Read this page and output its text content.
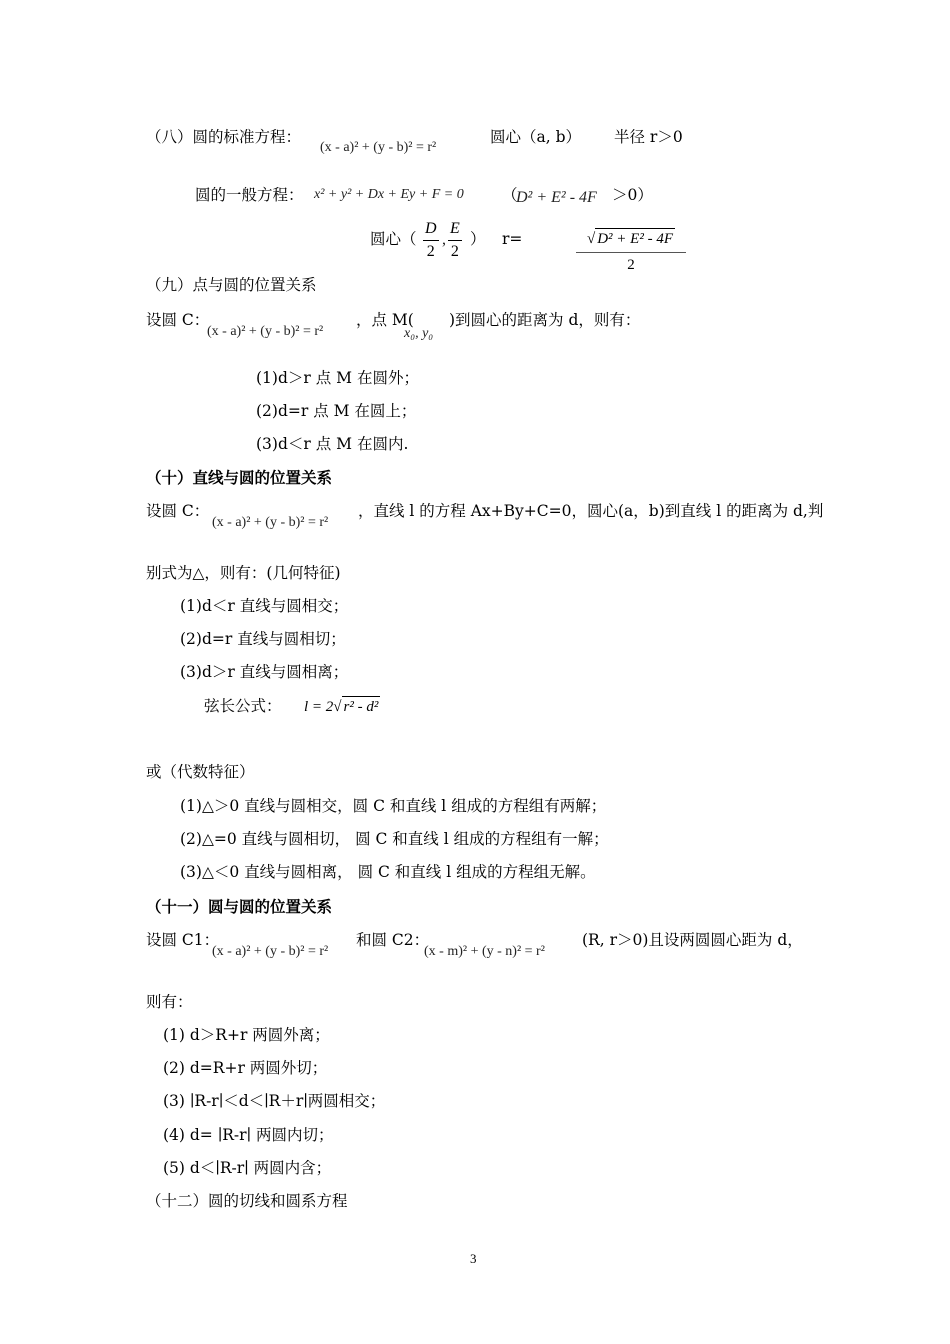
（八）圆的标准方程：
(x - a)² + (y - b)² = r²
圆心（a, b） 半径 r＞0
圆的一般方程： x² + y² + Dx + Ey + F = 0 （
D² + E² - 4F ＞0）
圆心（ $\frac{D}{2}$ , $\frac{E}{2}$ ） r=	√ D² + E² - 4F
2
（九）点与圆的位置关系
设圆 C：
(x - a)² + (y - b)² = r²
，点 M(
x₀, y₀
)到圆心的距离为 d，则有：
(1)d＞r 点 M 在圆外；
(2)d=r 点 M 在圆上；
(3)d＜r 点 M 在圆内.
（十）直线与圆的位置关系
设圆 C：
(x - a)² + (y - b)² = r²
，直线 l 的方程 Ax+By+C=0，圆心(a，b)到直线 l 的距离为 d,判
别式为△，则有：(几何特征)
(1)d＜r 直线与圆相交；
(2)d=r 直线与圆相切；
(3)d＞r 直线与圆相离；
弦长公式： l = 2√ r² - d²
或（代数特征）
(1)△＞0 直线与圆相交，圆 C 和直线 l 组成的方程组有两解；
(2)△=0 直线与圆相切， 圆 C 和直线 l 组成的方程组有一解；
(3)△＜0 直线与圆相离， 圆 C 和直线 l 组成的方程组无解。
（十一）圆与圆的位置关系
设圆 C1：
(x - a)² + (y - b)² = r²
和圆 C2：
(x - m)² + (y - n)² = r²
(R, r＞0)且设两圆圆心距为 d，
则有：
(1) d＞R+r 两圆外离；
(2) d=R+r 两圆外切；
(3) ∣R-r∣＜d＜∣R＋r∣两圆相交；
(4) d= ∣R-r∣ 两圆内切；
(5) d＜∣R-r∣ 两圆内含；
（十二）圆的切线和圆系方程
3
